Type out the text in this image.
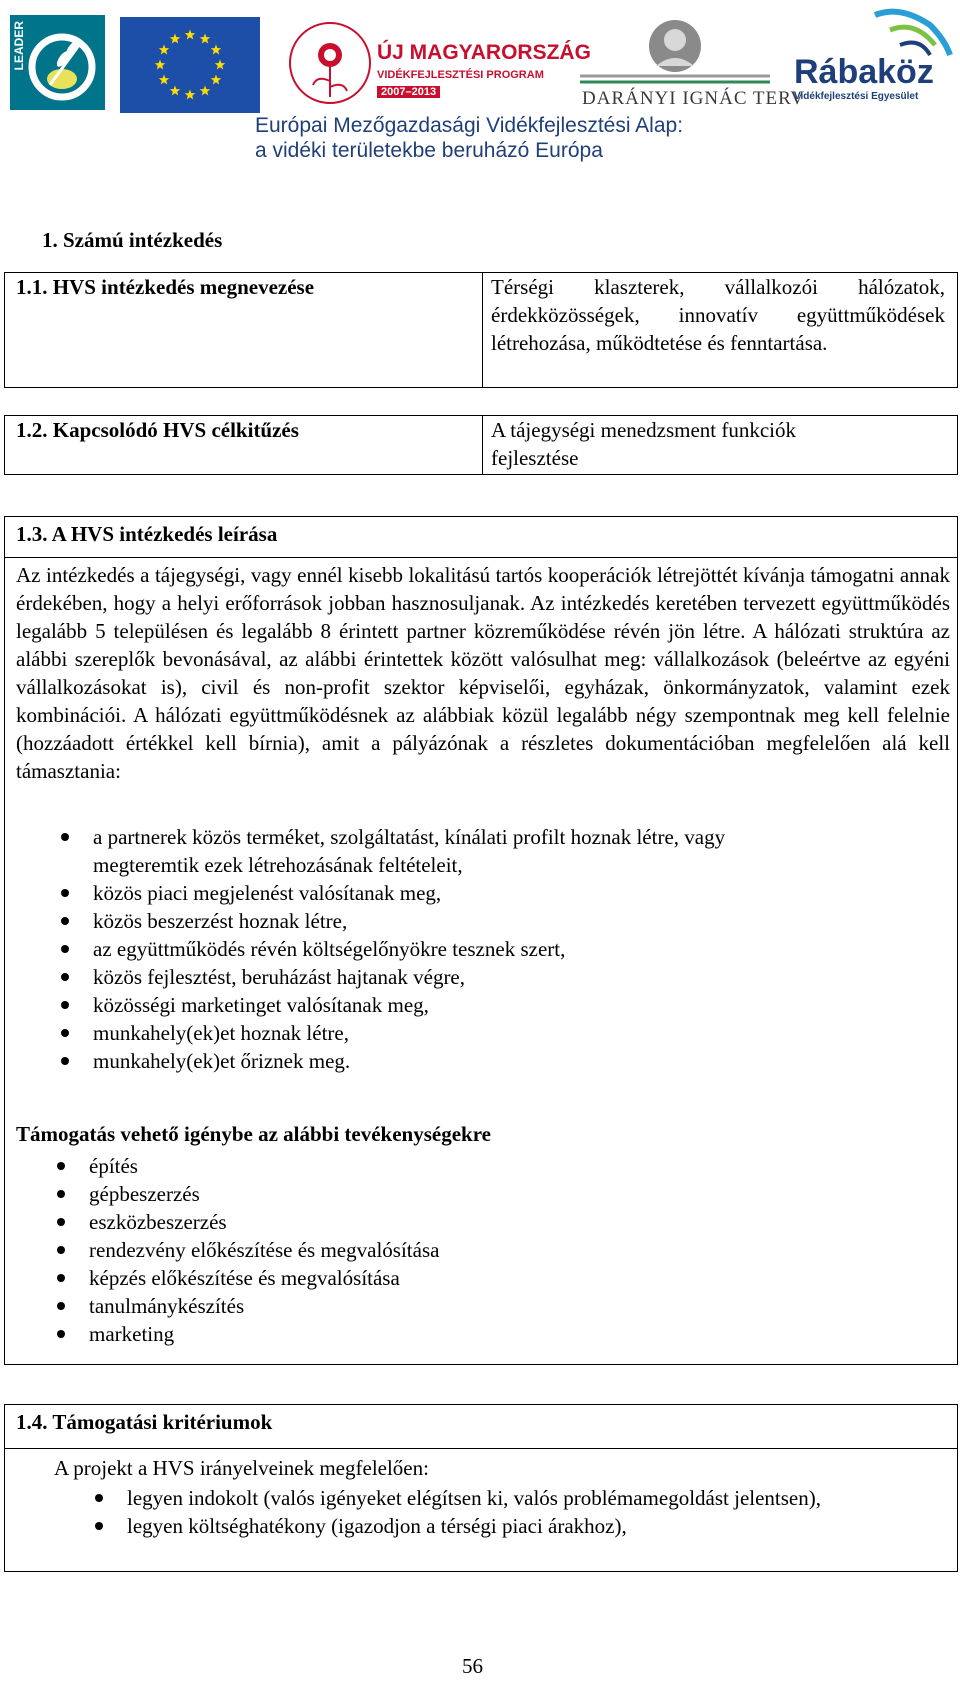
LEADER	ÚJ MAGYARORSZÁG
VIDÉKFEJLESZTÉSI PROGRAM
2007–2013	DARÁNYI IGNÁC TERV
Rábaköz
Vidékfejlesztési Egyesület
Európai Mezőgazdasági Vidékfejlesztési Alap:
a vidéki területekbe beruházó Európa
1. Számú intézkedés
1.1. HVS intézkedés megnevezése	Térségi klaszterek, vállalkozói hálózatok, érdekközösségek, innovatív együttműködések létrehozása, működtetése és fenntartása.
1.2. Kapcsolódó HVS célkitűzés	A tájegységi menedzsment funkciók fejlesztése
1.3. A HVS intézkedés leírása
Az intézkedés a tájegységi, vagy ennél kisebb lokalitású tartós kooperációk létrejöttét kívánja támogatni annak érdekében, hogy a helyi erőforrások jobban hasznosuljanak. Az intézkedés keretében tervezett együttműködés legalább 5 településen és legalább 8 érintett partner közreműködése révén jön létre. A hálózati struktúra az alábbi szereplők bevonásával, az alábbi érintettek között valósulhat meg: vállalkozások (beleértve az egyéni vállalkozásokat is), civil és non-profit szektor képviselői, egyházak, önkormányzatok, valamint ezek kombinációi. A hálózati együttműködésnek az alábbiak közül legalább négy szempontnak meg kell felelnie (hozzáadott értékkel kell bírnia), amit a pályázónak a részletes dokumentációban megfelelően alá kell támasztania:
a partnerek közös terméket, szolgáltatást, kínálati profilt hoznak létre, vagy megteremtik ezek létrehozásának feltételeit,
közös piaci megjelenést valósítanak meg,
közös beszerzést hoznak létre,
az együttműködés révén költségelőnyökre tesznek szert,
közös fejlesztést, beruházást hajtanak végre,
közösségi marketinget valósítanak meg,
munkahely(ek)et hoznak létre,
munkahely(ek)et őriznek meg.
Támogatás vehető igénybe az alábbi tevékenységekre
építés
gépbeszerzés
eszközbeszerzés
rendezvény előkészítése és megvalósítása
képzés előkészítése és megvalósítása
tanulmánykészítés
marketing
1.4. Támogatási kritériumok
A projekt a HVS irányelveinek megfelelően:
legyen indokolt (valós igényeket elégítsen ki, valós problémamegoldást jelentsen),
legyen költséghatékony (igazodjon a térségi piaci árakhoz),
56
